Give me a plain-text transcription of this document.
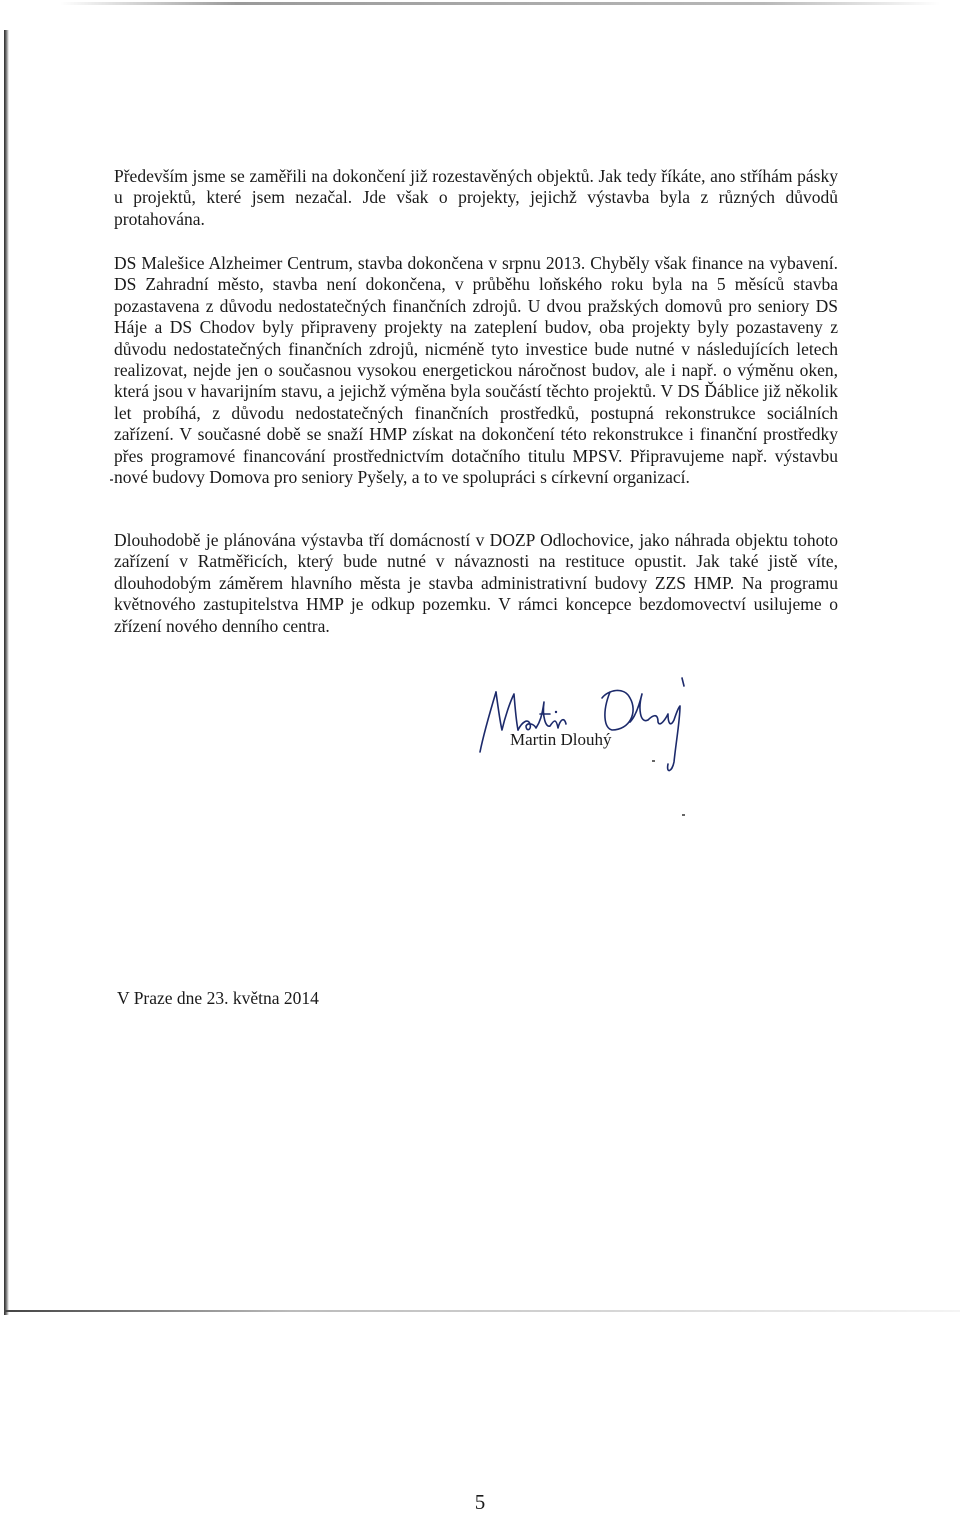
Především jsme se zaměřili na dokončení již rozestavěných objektů. Jak tedy říkáte, ano stříhám pásky u projektů, které jsem nezačal. Jde však o projekty, jejichž výstavba byla z různých důvodů protahována.

DS Malešice Alzheimer Centrum, stavba dokončena v srpnu 2013. Chyběly však finance na vybavení. DS Zahradní město, stavba není dokončena, v průběhu loňského roku byla na 5 měsíců stavba pozastavena z důvodu nedostatečných finančních zdrojů. U dvou pražských domovů pro seniory DS Háje a DS Chodov byly připraveny projekty na zateplení budov, oba projekty byly pozastaveny z důvodu nedostatečných finančních zdrojů, nicméně tyto investice bude nutné v následujících letech realizovat, nejde jen o současnou vysokou energetickou náročnost budov, ale i např. o výměnu oken, která jsou v havarijním stavu, a jejichž výměna byla součástí těchto projektů. V DS Ďáblice již několik let probíhá, z důvodu nedostatečných finančních prostředků, postupná rekonstrukce sociálních zařízení. V současné době se snaží HMP získat na dokončení této rekonstrukce i finanční prostředky přes programové financování prostřednictvím dotačního titulu MPSV. Připravujeme např. výstavbu nové budovy Domova pro seniory Pyšely, a to ve spolupráci s církevní organizací.

Dlouhodobě je plánována výstavba tří domácností v DOZP Odlochovice, jako náhrada objektu tohoto zařízení v Ratměřicích, který bude nutné v návaznosti na restituce opustit. Jak také jistě víte, dlouhodobým záměrem hlavního města je stavba administrativní budovy ZZS HMP. Na programu květnového zastupitelstva HMP je odkup pozemku. V rámci koncepce bezdomovectví usilujeme o zřízení nového denního centra.

Martin Dlouhý
V Praze dne 23. května 2014
5
